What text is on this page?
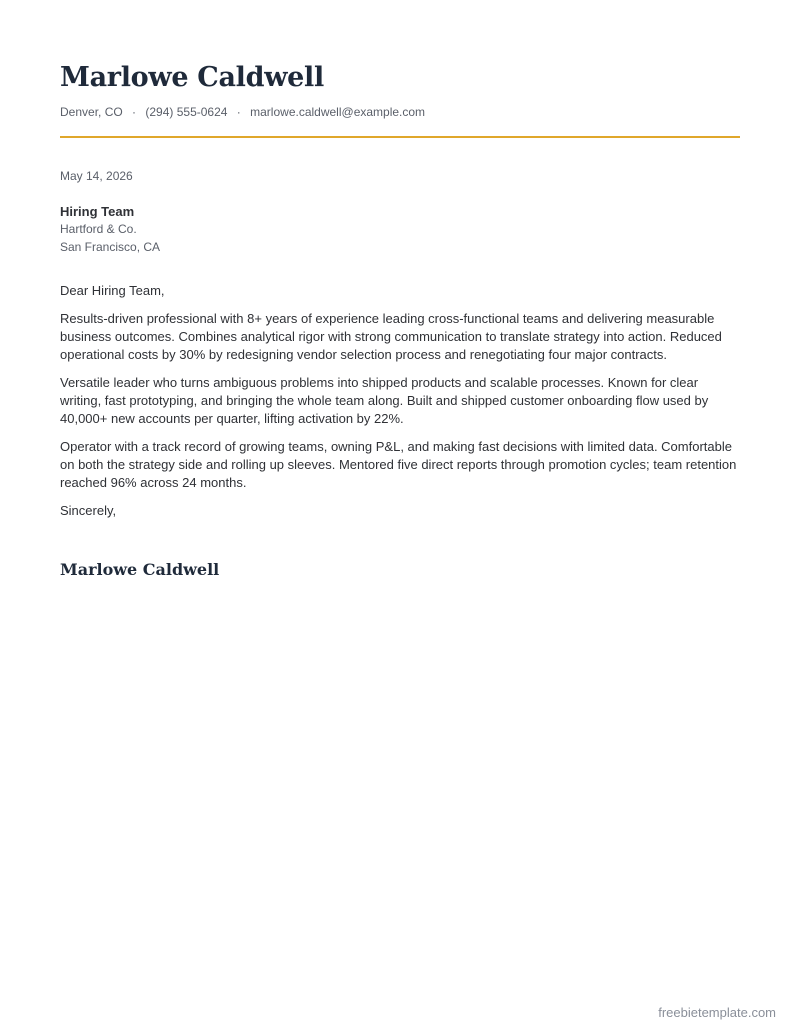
Marlowe Caldwell
Denver, CO · (294) 555-0624 · marlowe.caldwell@example.com
May 14, 2026
Hiring Team
Hartford & Co.
San Francisco, CA

Dear Hiring Team,

Results-driven professional with 8+ years of experience leading cross-functional teams and delivering measurable business outcomes. Combines analytical rigor with strong communication to translate strategy into action. Reduced operational costs by 30% by redesigning vendor selection process and renegotiating four major contracts.

Versatile leader who turns ambiguous problems into shipped products and scalable processes. Known for clear writing, fast prototyping, and bringing the whole team along. Built and shipped customer onboarding flow used by 40,000+ new accounts per quarter, lifting activation by 22%.

Operator with a track record of growing teams, owning P&L, and making fast decisions with limited data. Comfortable on both the strategy side and rolling up sleeves. Mentored five direct reports through promotion cycles; team retention reached 96% across 24 months.

Sincerely,

Marlowe Caldwell
freebietemplate.com
